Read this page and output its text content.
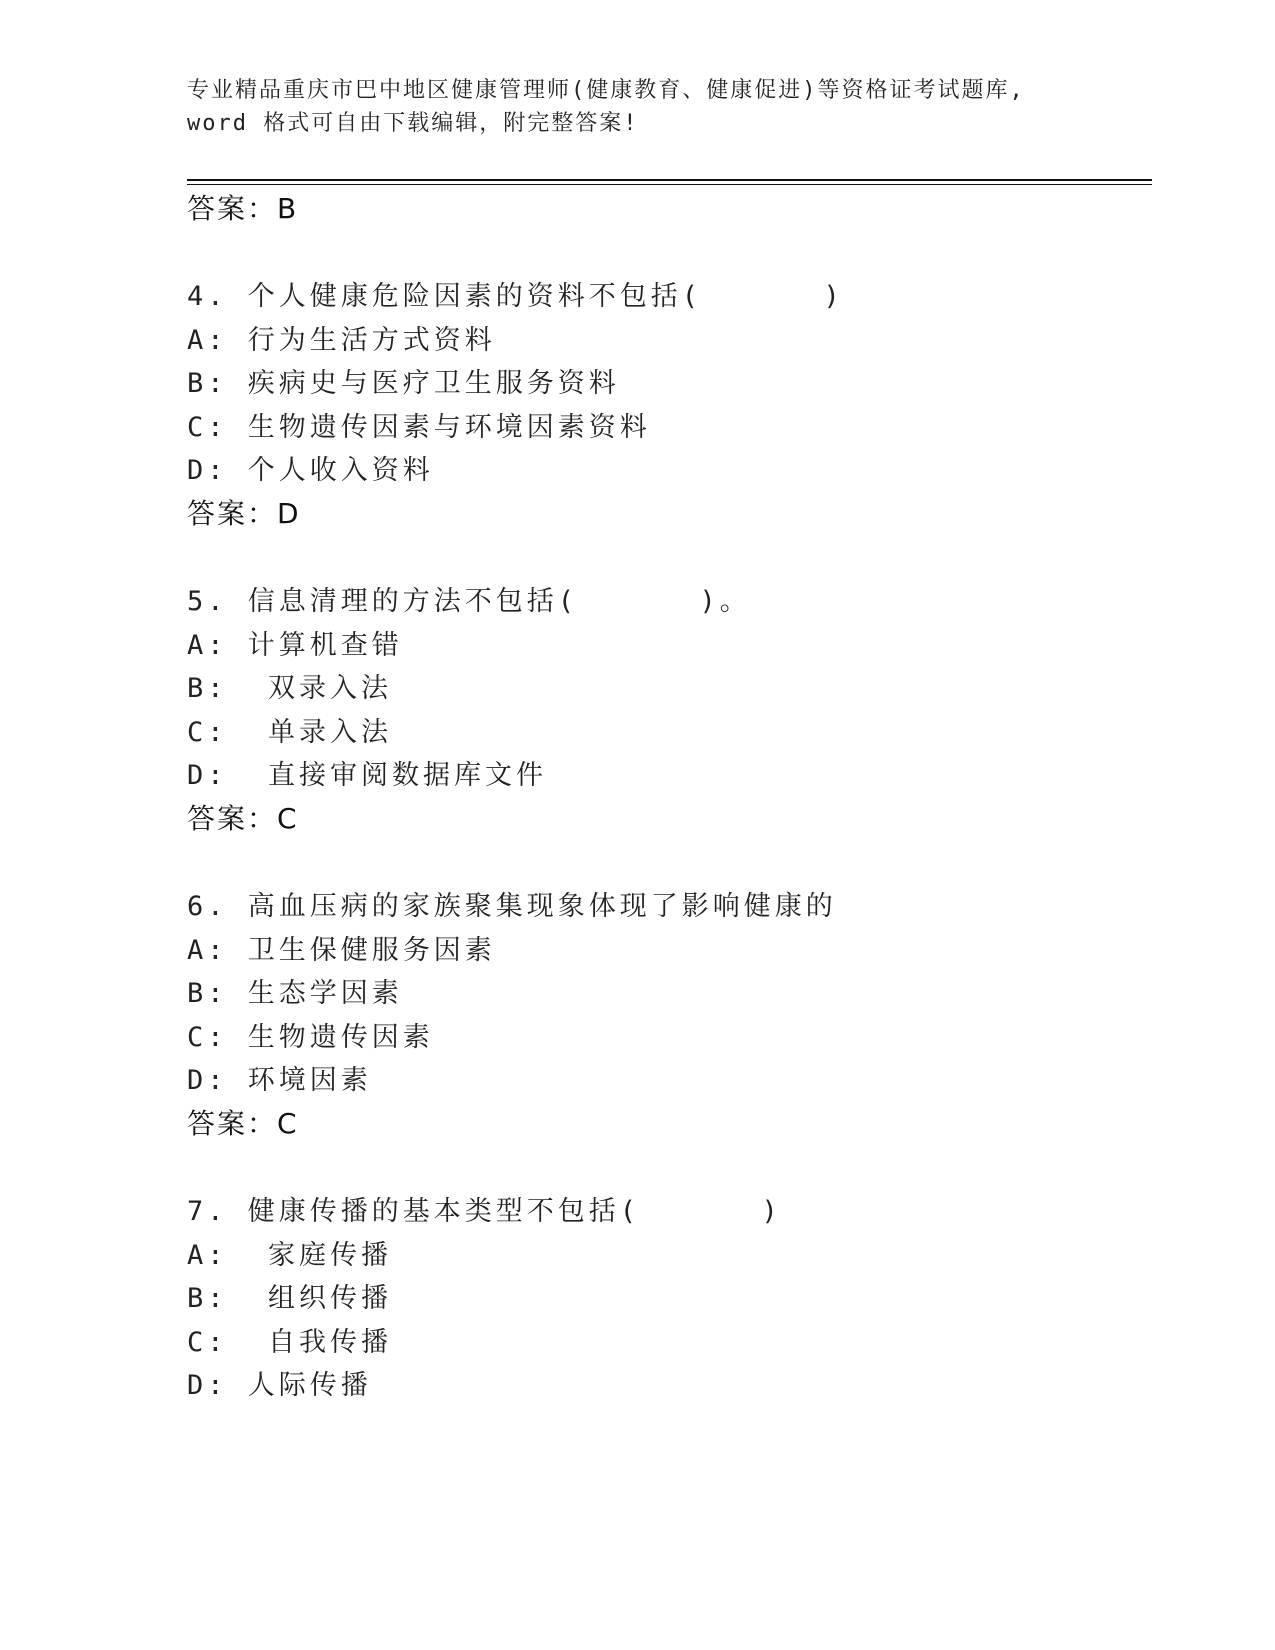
专业精品重庆市巴中地区健康管理师(健康教育、健康促进)等资格证考试题库,
word 格式可自由下载编辑，附完整答案!
答案：B
4. 个人健康危险因素的资料不包括(      )
A: 行为生活方式资料
B: 疾病史与医疗卫生服务资料
C: 生物遗传因素与环境因素资料
D: 个人收入资料
答案：D
5. 信息清理的方法不包括(      )。
A: 计算机查错
B:  双录入法
C:  单录入法
D:  直接审阅数据库文件
答案：C
6. 高血压病的家族聚集现象体现了影响健康的
A: 卫生保健服务因素
B: 生态学因素
C: 生物遗传因素
D: 环境因素
答案：C
7. 健康传播的基本类型不包括(      )
A:  家庭传播
B:  组织传播
C:  自我传播
D: 人际传播
